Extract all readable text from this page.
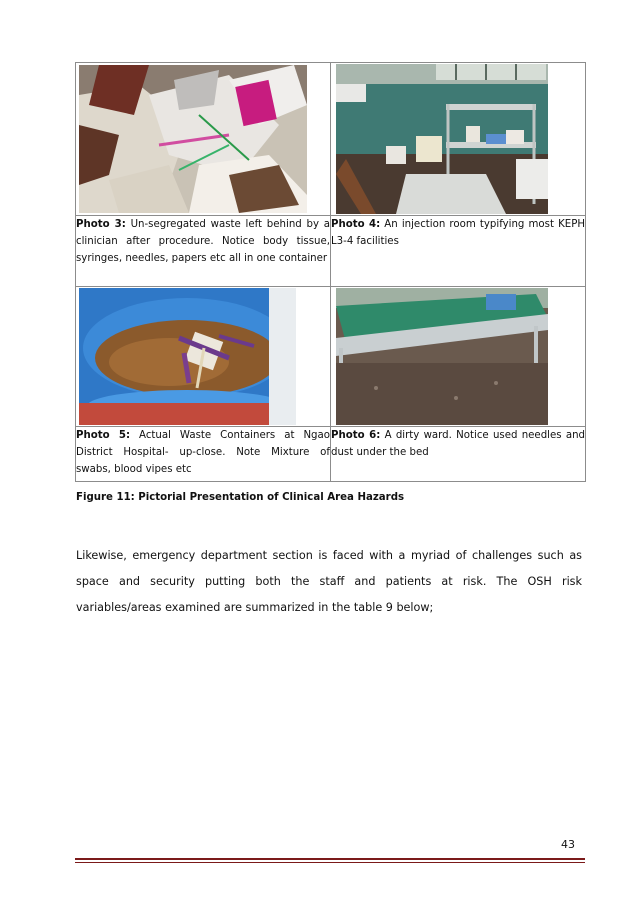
Photo 3: Un-segregated waste left behind by a clinician after procedure. Notice body tissue, syringes, needles, papers etc all in one container	Photo 4: An injection room typifying most KEPH L3-4 facilities

Photo 5: Actual Waste Containers at Ngao District Hospital- up-close. Note Mixture of swabs, blood vipes etc	Photo 6: A dirty ward. Notice used needles and dust under the bed
Figure 11: Pictorial Presentation of Clinical Area Hazards
Likewise, emergency department section is faced with a myriad of challenges such as space and security putting both the staff and patients at risk. The OSH risk variables/areas examined are summarized in the table 9 below;
43
